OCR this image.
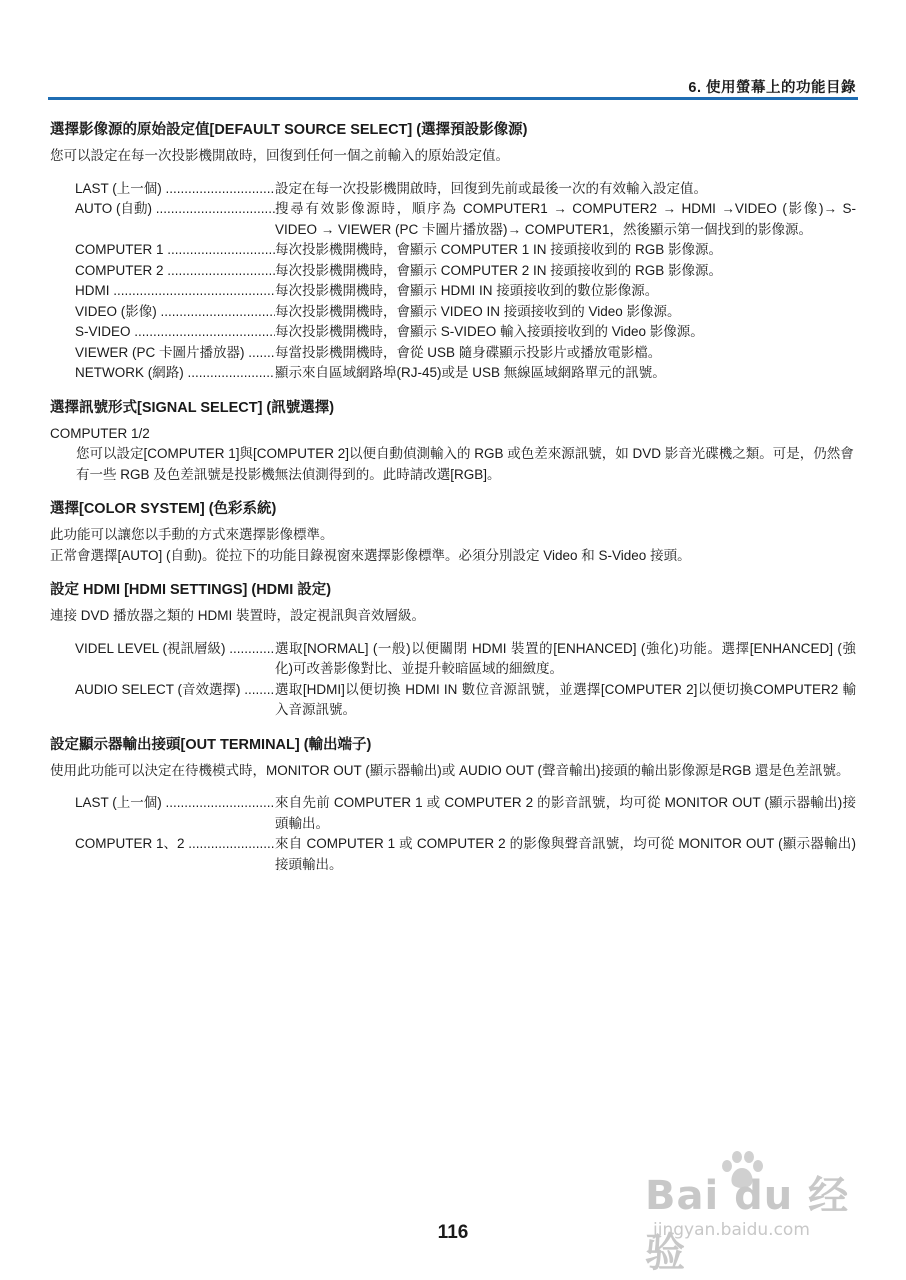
6. 使用螢幕上的功能目錄
選擇影像源的原始設定值[DEFAULT SOURCE SELECT] (選擇預設影像源)

您可以設定在每一次投影機開啟時，回復到任何一個之前輸入的原始設定值。

LAST (上一個) .....	設定在每一次投影機開啟時，回復到先前或最後一次的有效輸入設定值。
AUTO (自動) .....	搜尋有效影像源時，順序為 COMPUTER1 → COMPUTER2 → HDMI →VIDEO (影像)→ S-VIDEO → VIEWER (PC 卡圖片播放器)→ COMPUTER1，然後顯示第一個找到的影像源。
COMPUTER 1 .....	每次投影機開機時，會顯示 COMPUTER 1 IN 接頭接收到的 RGB 影像源。
COMPUTER 2 .....	每次投影機開機時，會顯示 COMPUTER 2 IN 接頭接收到的 RGB 影像源。
HDMI .....	每次投影機開機時，會顯示 HDMI IN 接頭接收到的數位影像源。
VIDEO (影像) .....	每次投影機開機時，會顯示 VIDEO IN 接頭接收到的 Video 影像源。
S-VIDEO .....	每次投影機開機時，會顯示 S-VIDEO 輸入接頭接收到的 Video 影像源。
VIEWER (PC 卡圖片播放器) .....	每當投影機開機時，會從 USB 隨身碟顯示投影片或播放電影檔。
NETWORK (網路) .....	顯示來自區域網路埠(RJ-45)或是 USB 無線區域網路單元的訊號。
選擇訊號形式[SIGNAL SELECT] (訊號選擇)

COMPUTER 1/2

您可以設定[COMPUTER 1]與[COMPUTER 2]以便自動偵測輸入的 RGB 或色差來源訊號，如 DVD 影音光碟機之類。可是，仍然會有一些 RGB 及色差訊號是投影機無法偵測得到的。此時請改選[RGB]。

選擇[COLOR SYSTEM] (色彩系統)

此功能可以讓您以手動的方式來選擇影像標準。

正常會選擇[AUTO] (自動)。從拉下的功能目錄視窗來選擇影像標準。必須分別設定 Video 和 S-Video 接頭。

設定 HDMI [HDMI SETTINGS] (HDMI 設定)

連接 DVD 播放器之類的 HDMI 裝置時，設定視訊與音效層級。

VIDEL LEVEL (視訊層級) .....	選取[NORMAL] (一般)以便關閉 HDMI 裝置的[ENHANCED] (強化)功能。選擇[ENHANCED] (強化)可改善影像對比、並提升較暗區域的細緻度。
AUDIO SELECT (音效選擇) .....	選取[HDMI]以便切換 HDMI IN 數位音源訊號，並選擇[COMPUTER 2]以便切換COMPUTER2 輸入音源訊號。
設定顯示器輸出接頭[OUT TERMINAL] (輸出端子)

使用此功能可以決定在待機模式時，MONITOR OUT (顯示器輸出)或 AUDIO OUT (聲音輸出)接頭的輸出影像源是RGB 還是色差訊號。

LAST (上一個) .....	來自先前 COMPUTER 1 或 COMPUTER 2 的影音訊號，均可從 MONITOR OUT (顯示器輸出)接頭輸出。
COMPUTER 1、2 .....	來自 COMPUTER 1 或 COMPUTER 2 的影像與聲音訊號，均可從 MONITOR OUT (顯示器輸出)接頭輸出。
116
Bai du 经验
jingyan.baidu.com
